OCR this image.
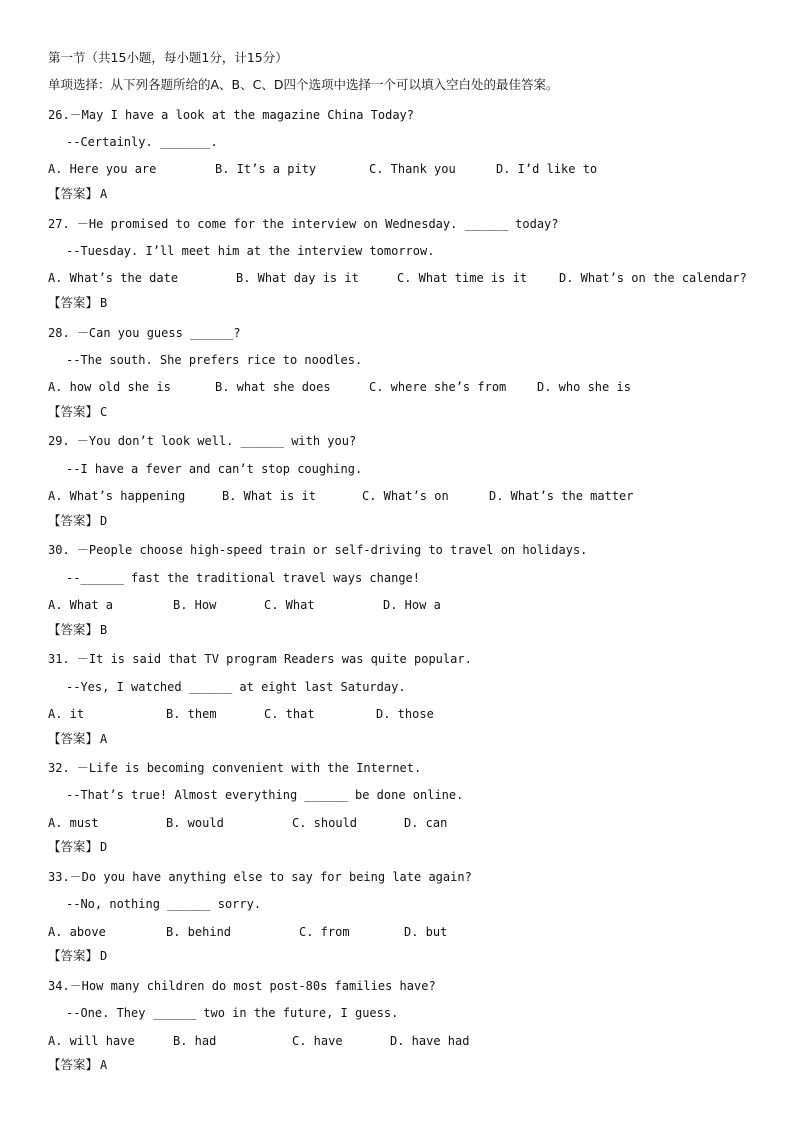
第一节（共15小题，每小题1分，计15分）
单项选择：从下列各题所给的A、B、C、D四个选项中选择一个可以填入空白处的最佳答案。
26.－May I have a look at the magazine China Today?
--Certainly. _______.
A. Here you are	B. It’s a pity	C. Thank you	D. I’d like to
【答案】 A
27. －He promised to come for the interview on Wednesday. ______ today?
--Tuesday. I’ll meet him at the interview tomorrow.
A. What’s the date	B. What day is it	C. What time is it	D. What’s on the calendar?
【答案】 B
28. －Can you guess ______?
--The south. She prefers rice to noodles.
A. how old she is	B. what she does	C. where she’s from	D. who she is
【答案】 C
29. －You don’t look well. ______ with you?
--I have a fever and can’t stop coughing.
A. What’s happening	B. What is it	C. What’s on	D. What’s the matter
【答案】 D
30. －People choose high-speed train or self-driving to travel on holidays.
--______ fast the traditional travel ways change!
A. What a	B. How	C. What	D. How a
【答案】 B
31. －It is said that TV program Readers was quite popular.
--Yes, I watched ______ at eight last Saturday.
A. it	B. them	C. that	D. those
【答案】 A
32. －Life is becoming convenient with the Internet.
--That’s true! Almost everything ______ be done online.
A. must	B. would	C. should	D. can
【答案】 D
33.－Do you have anything else to say for being late again?
--No, nothing ______ sorry.
A. above	B. behind	C. from	D. but
【答案】 D
34.－How many children do most post-80s families have?
--One. They ______ two in the future, I guess.
A. will have	B. had	C. have	D. have had
【答案】 A
